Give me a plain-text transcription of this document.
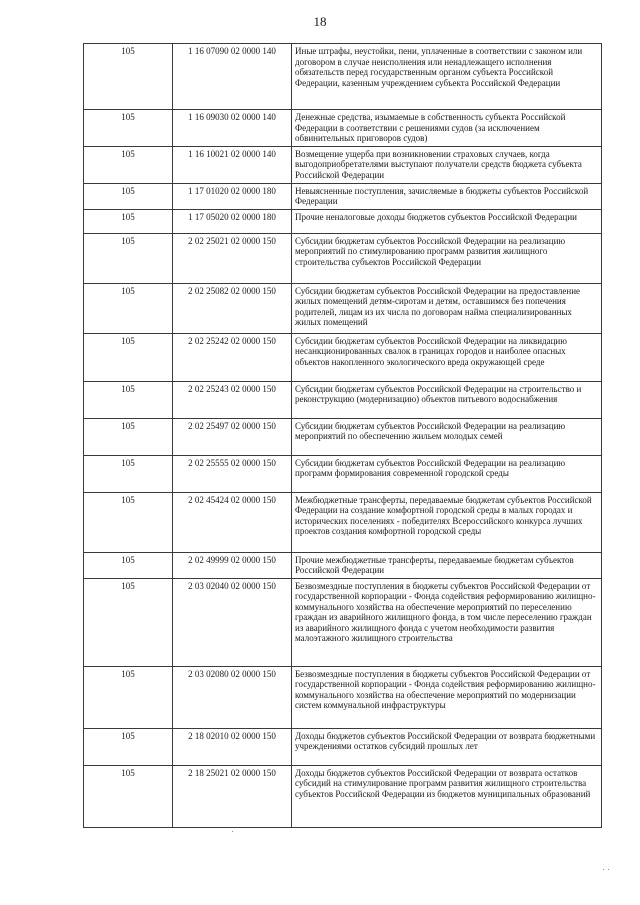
18
105	1 16 07090 02 0000 140	Иные штрафы, неустойки, пени, уплаченные в соответствии с законом или договором в случае неисполнения или ненадлежащего исполнения обязательств перед государственным органом субъекта Российской Федерации, казенным учреждением субъекта Российской Федерации
105	1 16 09030 02 0000 140	Денежные средства, изымаемые в собственность субъекта Российской Федерации в соответствии с решениями судов (за исключением обвинительных приговоров судов)
105	1 16 10021 02 0000 140	Возмещение ущерба при возникновении страховых случаев, когда выгодоприобретателями выступают получатели средств бюджета субъекта Российской Федерации
105	1 17 01020 02 0000 180	Невыясненные поступления, зачисляемые в бюджеты субъектов Российской Федерации
105	1 17 05020 02 0000 180	Прочие неналоговые доходы бюджетов субъектов Российской Федерации
105	2 02 25021 02 0000 150	Субсидии бюджетам субъектов Российской Федерации на реализацию мероприятий по стимулированию программ развития жилищного строительства субъектов Российской Федерации
105	2 02 25082 02 0000 150	Субсидии бюджетам субъектов Российской Федерации на предоставление жилых помещений детям-сиротам и детям, оставшимся без попечения родителей, лицам из их числа по договорам найма специализированных жилых помещений
105	2 02 25242 02 0000 150	Субсидии бюджетам субъектов Российской Федерации на ликвидацию несанкционированных свалок в границах городов и наиболее опасных объектов накопленного экологического вреда окружающей среде
105	2 02 25243 02 0000 150	Субсидии бюджетам субъектов Российской Федерации на строительство и реконструкцию (модернизацию) объектов питьевого водоснабжения
105	2 02 25497 02 0000 150	Субсидии бюджетам субъектов Российской Федерации на реализацию мероприятий по обеспечению жильем молодых семей
105	2 02 25555 02 0000 150	Субсидии бюджетам субъектов Российской Федерации на реализацию программ формирования современной городской среды
105	2 02 45424 02 0000 150	Межбюджетные трансферты, передаваемые бюджетам субъектов Российской Федерации на создание комфортной городской среды в малых городах и исторических поселениях - победителях Всероссийского конкурса лучших проектов создания комфортной городской среды
105	2 02 49999 02 0000 150	Прочие межбюджетные трансферты, передаваемые бюджетам субъектов Российской Федерации
105	2 03 02040 02 0000 150	Безвозмездные поступления в бюджеты субъектов Российской Федерации от государственной корпорации - Фонда содействия реформированию жилищно-коммунального хозяйства на обеспечение мероприятий по переселению граждан из аварийного жилищного фонда, в том числе переселению граждан из аварийного жилищного фонда с учетом необходимости развития малоэтажного жилищного строительства
105	2 03 02080 02 0000 150	Безвозмездные поступления в бюджеты субъектов Российской Федерации от государственной корпорации - Фонда содействия реформированию жилищно-коммунального хозяйства на обеспечение мероприятий по модернизации систем коммунальной инфраструктуры
105	2 18 02010 02 0000 150	Доходы бюджетов субъектов Российской Федерации от возврата бюджетными учреждениями остатков субсидий прошлых лет
105	2 18 25021 02 0000 150	Доходы бюджетов субъектов Российской Федерации от возврата остатков субсидий на стимулирование программ развития жилищного строительства субъектов Российской Федерации из бюджетов муниципальных образований
